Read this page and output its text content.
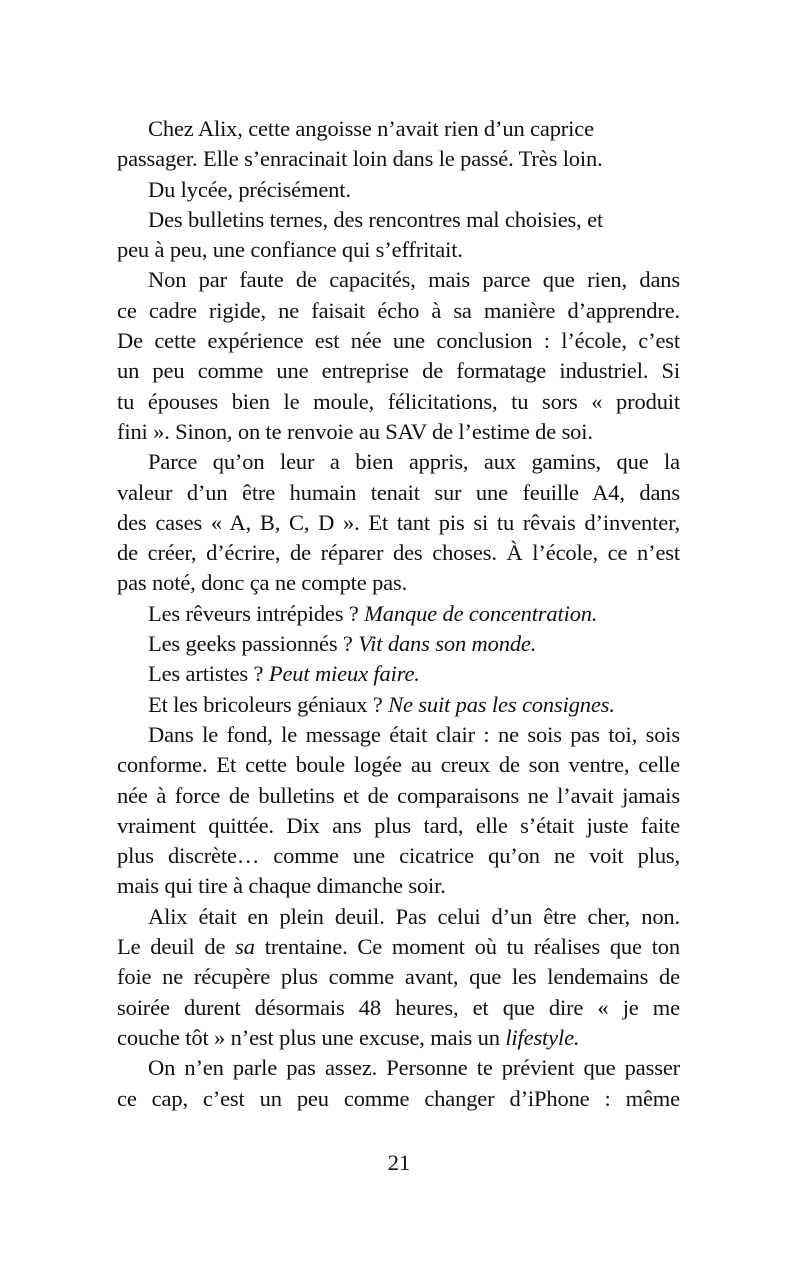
Chez Alix, cette angoisse n’avait rien d’un caprice
passager. Elle s’enracinait loin dans le passé. Très loin.
Du lycée, précisément.
Des bulletins ternes, des rencontres mal choisies, et
peu à peu, une confiance qui s’effritait.
Non par faute de capacités, mais parce que rien, dans
ce cadre rigide, ne faisait écho à sa manière d’apprendre.
De cette expérience est née une conclusion : l’école, c’est
un peu comme une entreprise de formatage industriel. Si
tu épouses bien le moule, félicitations, tu sors « produit
fini ». Sinon, on te renvoie au SAV de l’estime de soi.
Parce qu’on leur a bien appris, aux gamins, que la
valeur d’un être humain tenait sur une feuille A4, dans
des cases « A, B, C, D ». Et tant pis si tu rêvais d’inventer,
de créer, d’écrire, de réparer des choses. À l’école, ce n’est
pas noté, donc ça ne compte pas.
Les rêveurs intrépides ? Manque de concentration.
Les geeks passionnés ? Vit dans son monde.
Les artistes ? Peut mieux faire.
Et les bricoleurs géniaux ? Ne suit pas les consignes.
Dans le fond, le message était clair : ne sois pas toi, sois
conforme. Et cette boule logée au creux de son ventre, celle
née à force de bulletins et de comparaisons ne l’avait jamais
vraiment quittée. Dix ans plus tard, elle s’était juste faite
plus discrète… comme une cicatrice qu’on ne voit plus,
mais qui tire à chaque dimanche soir.
Alix était en plein deuil. Pas celui d’un être cher, non.
Le deuil de sa trentaine. Ce moment où tu réalises que ton
foie ne récupère plus comme avant, que les lendemains de
soirée durent désormais 48 heures, et que dire « je me
couche tôt » n’est plus une excuse, mais un lifestyle.
On n’en parle pas assez. Personne te prévient que passer
ce cap, c’est un peu comme changer d’iPhone : même
21
